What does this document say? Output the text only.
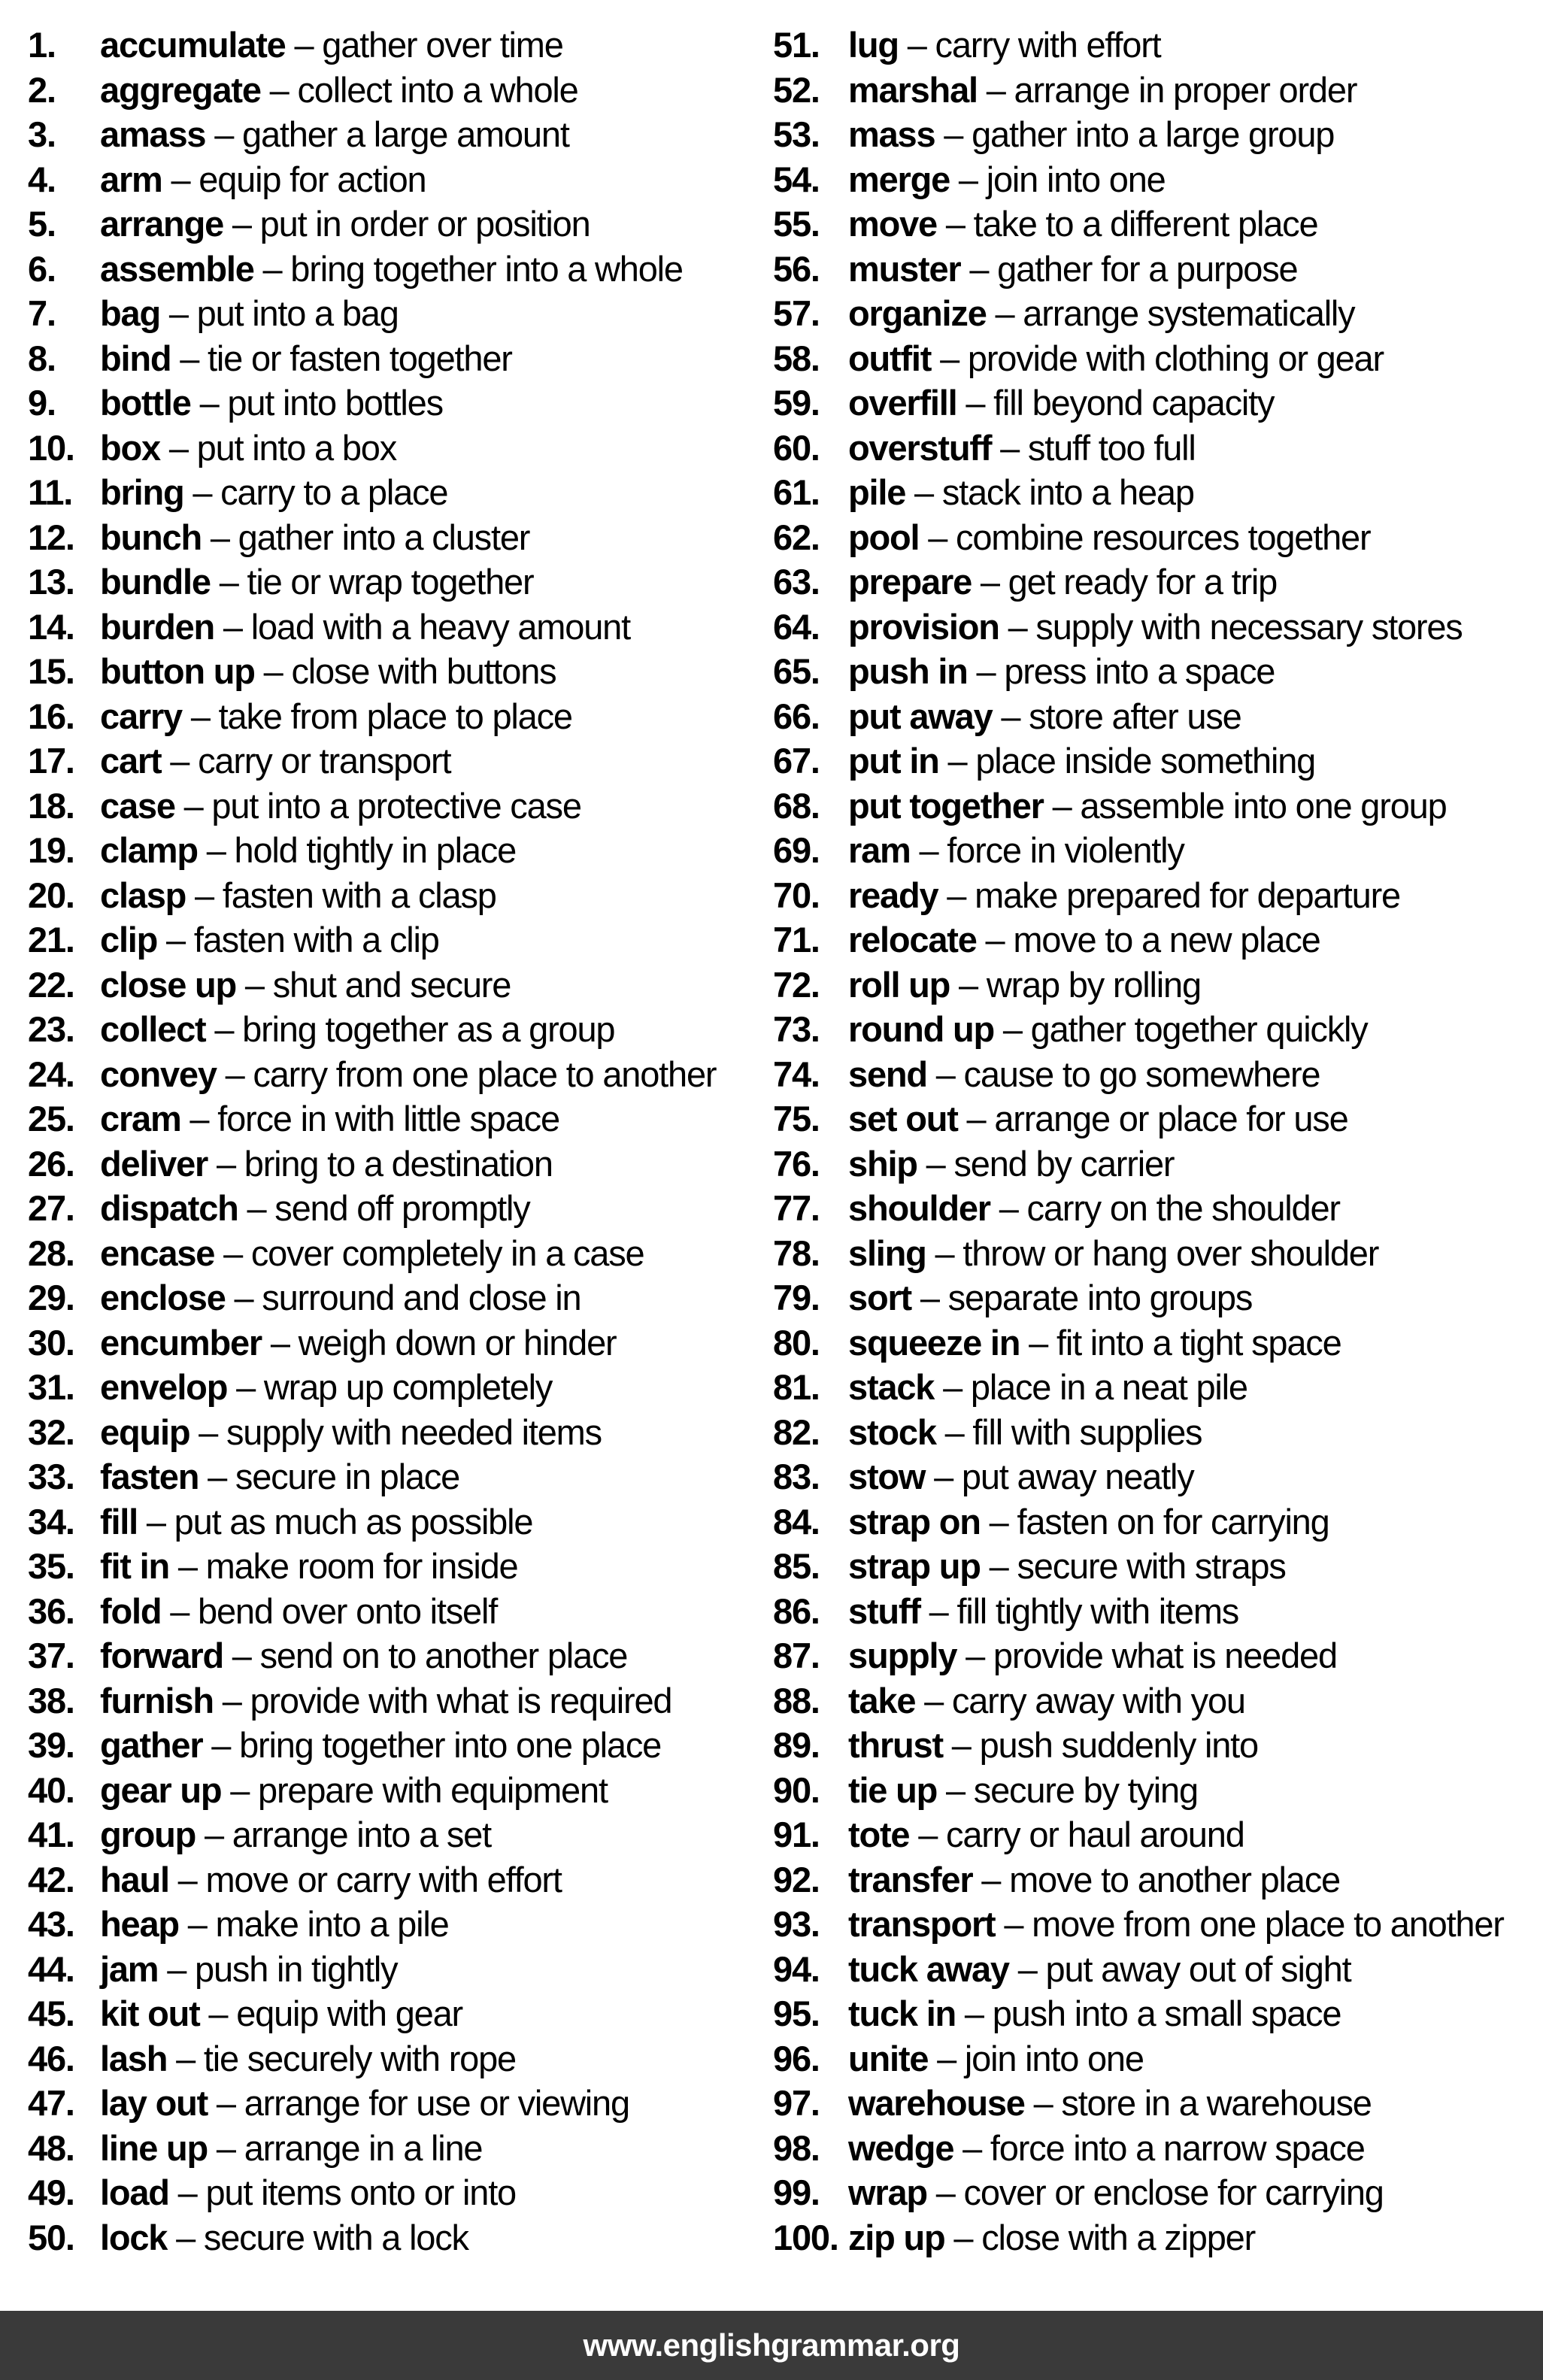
1.	accumulate – gather over time
2.	aggregate – collect into a whole
3.	amass – gather a large amount
4.	arm – equip for action
5.	arrange – put in order or position
6.	assemble – bring together into a whole
7.	bag – put into a bag
8.	bind – tie or fasten together
9.	bottle – put into bottles
10. box – put into a box
11. bring – carry to a place
12. bunch – gather into a cluster
13. bundle – tie or wrap together
14. burden – load with a heavy amount
15. button up – close with buttons
16. carry – take from place to place
17. cart – carry or transport
18. case – put into a protective case
19. clamp – hold tightly in place
20. clasp – fasten with a clasp
21. clip – fasten with a clip
22. close up – shut and secure
23. collect – bring together as a group
24. convey – carry from one place to another
25. cram – force in with little space
26. deliver – bring to a destination
27. dispatch – send off promptly
28. encase – cover completely in a case
29. enclose – surround and close in
30. encumber – weigh down or hinder
31. envelop – wrap up completely
32. equip – supply with needed items
33. fasten – secure in place
34. fill – put as much as possible
35. fit in – make room for inside
36. fold – bend over onto itself
37. forward – send on to another place
38. furnish – provide with what is required
39. gather – bring together into one place
40. gear up – prepare with equipment
41. group – arrange into a set
42. haul – move or carry with effort
43. heap – make into a pile
44. jam – push in tightly
45. kit out – equip with gear
46. lash – tie securely with rope
47. lay out – arrange for use or viewing
48. line up – arrange in a line
49. load – put items onto or into
50. lock – secure with a lock
51. lug – carry with effort
52. marshal – arrange in proper order
53. mass – gather into a large group
54. merge – join into one
55. move – take to a different place
56. muster – gather for a purpose
57. organize – arrange systematically
58. outfit – provide with clothing or gear
59. overfill – fill beyond capacity
60. overstuff – stuff too full
61. pile – stack into a heap
62. pool – combine resources together
63. prepare – get ready for a trip
64. provision – supply with necessary stores
65. push in – press into a space
66. put away – store after use
67. put in – place inside something
68. put together – assemble into one group
69. ram – force in violently
70. ready – make prepared for departure
71. relocate – move to a new place
72. roll up – wrap by rolling
73. round up – gather together quickly
74. send – cause to go somewhere
75. set out – arrange or place for use
76. ship – send by carrier
77. shoulder – carry on the shoulder
78. sling – throw or hang over shoulder
79. sort – separate into groups
80. squeeze in – fit into a tight space
81. stack – place in a neat pile
82. stock – fill with supplies
83. stow – put away neatly
84. strap on – fasten on for carrying
85. strap up – secure with straps
86. stuff – fill tightly with items
87. supply – provide what is needed
88. take – carry away with you
89. thrust – push suddenly into
90. tie up – secure by tying
91. tote – carry or haul around
92. transfer – move to another place
93. transport – move from one place to another
94. tuck away – put away out of sight
95. tuck in – push into a small space
96. unite – join into one
97. warehouse – store in a warehouse
98. wedge – force into a narrow space
99. wrap – cover or enclose for carrying
100. zip up – close with a zipper
www.englishgrammar.org
